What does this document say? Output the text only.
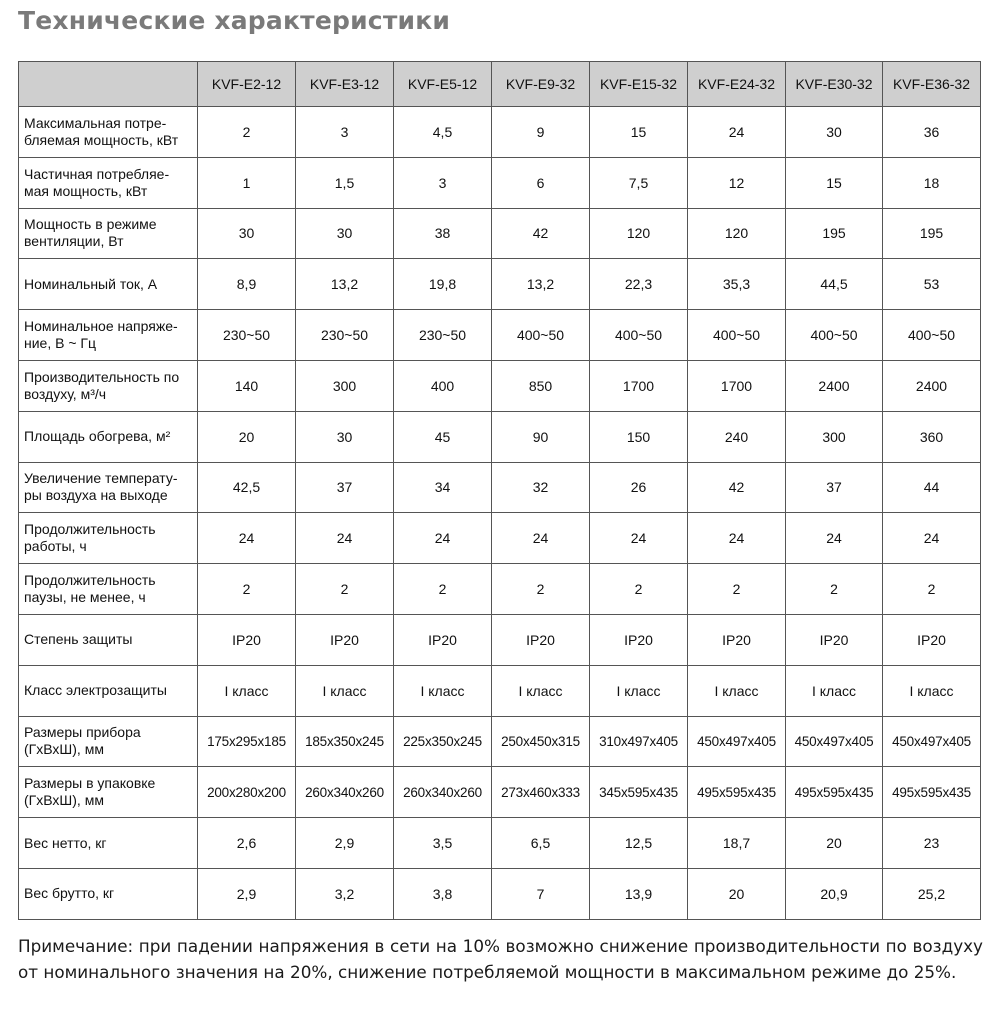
Технические характеристики
	KVF-E2-12	KVF-E3-12	KVF-E5-12	KVF-E9-32	KVF-E15-32	KVF-E24-32	KVF-E30-32	KVF-E36-32
Максимальная потре-
бляемая мощность, кВт	2	3	4,5	9	15	24	30	36
Частичная потребляе-
мая мощность, кВт	1	1,5	3	6	7,5	12	15	18
Мощность в режиме
вентиляции, Вт	30	30	38	42	120	120	195	195
Номинальный ток, А	8,9	13,2	19,8	13,2	22,3	35,3	44,5	53
Номинальное напряже-
ние, В ~ Гц	230~50	230~50	230~50	400~50	400~50	400~50	400~50	400~50
Производительность по
воздуху, м³/ч	140	300	400	850	1700	1700	2400	2400
Площадь обогрева, м²	20	30	45	90	150	240	300	360
Увеличение температу-
ры воздуха на выходе	42,5	37	34	32	26	42	37	44
Продолжительность
работы, ч	24	24	24	24	24	24	24	24
Продолжительность
паузы, не менее, ч	2	2	2	2	2	2	2	2
Степень защиты	IP20	IP20	IP20	IP20	IP20	IP20	IP20	IP20
Класс электрозащиты	I класс	I класс	I класс	I класс	I класс	I класс	I класс	I класс
Размеры прибора
(ГхВхШ), мм	175x295x185	185x350x245	225x350x245	250x450x315	310x497x405	450x497x405	450x497x405	450x497x405
Размеры в упаковке
(ГхВхШ), мм	200x280x200	260x340x260	260x340x260	273x460x333	345x595x435	495x595x435	495x595x435	495x595x435
Вес нетто, кг	2,6	2,9	3,5	6,5	12,5	18,7	20	23
Вес брутто, кг	2,9	3,2	3,8	7	13,9	20	20,9	25,2

Примечание: при падении напряжения в сети на 10% возможно снижение производительности по воздуху от номинального значения на 20%, снижение потребляемой мощности в максимальном режиме до 25%.
